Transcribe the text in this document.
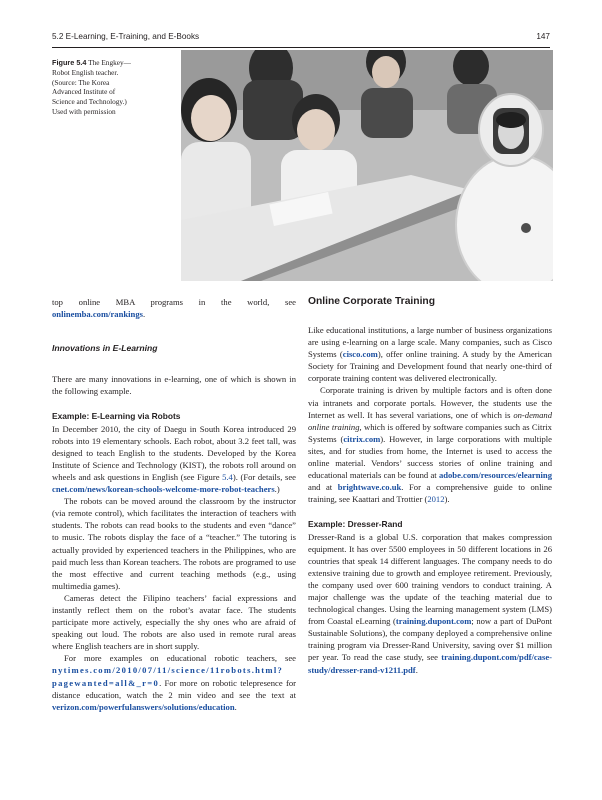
5.2 E-Learning, E-Training, and E-Books	147
Figure 5.4 The Engkey—Robot English teacher. (Source: The Korea Advanced Institute of Science and Technology.) Used with permission

top online MBA programs in the world, see onlinemba.com/rankings.

Innovations in E-Learning

There are many innovations in e-learning, one of which is shown in the following example.

Example: E-Learning via Robots

In December 2010, the city of Daegu in South Korea introduced 29 robots into 19 elementary schools. Each robot, about 3.2 feet tall, was designed to teach English to the students. Developed by the Korea Institute of Science and Technology (KIST), the robots roll around on wheels and ask questions in English (see Figure 5.4). (For details, see cnet.com/news/korean-schools-welcome-more-robot-teachers.)

The robots can be moved around the classroom by the instructor (via remote control), which facilitates the interaction of teachers with students. The robots can read books to the students and even “dance” to music. The robots display the face of a “teacher.” The tutoring is actually provided by experienced teachers in the Philippines, who are paid much less than Korean teachers. The robots are programed to use the most effective and current teaching methods (e.g., using multimedia games).

Cameras detect the Filipino teachers’ facial expressions and instantly reflect them on the robot’s avatar face. The students participate more actively, especially the shy ones who are afraid of speaking out loud. The robots are also used in remote rural areas where English teachers are in short supply.

For more examples on educational robotic teachers, see nytimes.com/2010/07/11/science/11robots.html?pagewanted=all&_r=0. For more on robotic telepresence for distance education, watch the 2 min video and see the text at verizon.com/powerfulanswers/solutions/education.

Online Corporate Training

Like educational institutions, a large number of business organizations are using e-learning on a large scale. Many companies, such as Cisco Systems (cisco.com), offer online training. A study by the American Society for Training and Development found that nearly one-third of corporate training content was delivered electronically.

Corporate training is driven by multiple factors and is often done via intranets and corporate portals. However, the students use the Internet as well. It has several variations, one of which is on-demand online training, which is offered by software companies such as Citrix Systems (citrix.com). However, in large corporations with multiple sites, and for studies from home, the Internet is used to access the online material. Vendors’ success stories of online training and educational materials can be found at adobe.com/resources/elearning and at brightwave.co.uk. For a comprehensive guide to online training, see Kaattari and Trottier (2012).

Example: Dresser-Rand

Dresser-Rand is a global U.S. corporation that makes compression equipment. It has over 5500 employees in 50 different locations in 26 countries that speak 14 different languages. The company needs to do extensive training due to growth and employee retirement. Previously, the company used over 600 training vendors to conduct training. A major challenge was the update of the teaching material due to technological changes. Using the learning management system (LMS) from Coastal eLearning (training.dupont.com; now a part of DuPont Sustainable Solutions), the company deployed a comprehensive online training program via Dresser-Rand University, saving over $1 million per year. To read the case study, see training.dupont.com/pdf/case-study/dresser-rand-v1211.pdf.
